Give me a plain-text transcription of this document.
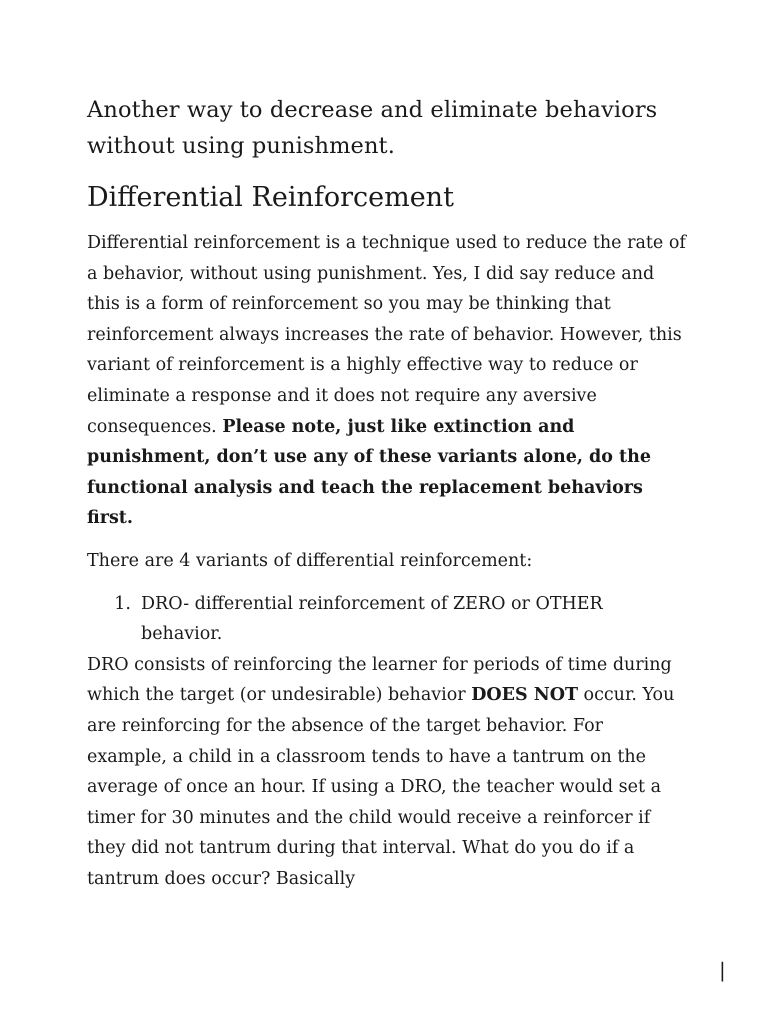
Another way to decrease and eliminate behaviors
without using punishment.

Differential Reinforcement

Differential reinforcement is a technique used to reduce the rate of a behavior, without using punishment. Yes, I did say reduce and this is a form of reinforcement so you may be thinking that reinforcement always increases the rate of behavior. However, this variant of reinforcement is a highly effective way to reduce or eliminate a response and it does not require any aversive consequences. Please note, just like extinction and punishment, don’t use any of these variants alone, do the functional analysis and teach the replacement behaviors first.

There are 4 variants of differential reinforcement:

1. DRO- differential reinforcement of ZERO or OTHER behavior.

DRO consists of reinforcing the learner for periods of time during which the target (or undesirable) behavior DOES NOT occur. You are reinforcing for the absence of the target behavior. For example, a child in a classroom tends to have a tantrum on the average of once an hour. If using a DRO, the teacher would set a timer for 30 minutes and the child would receive a reinforcer if they did not tantrum during that interval. What do you do if a tantrum does occur? Basically

|
